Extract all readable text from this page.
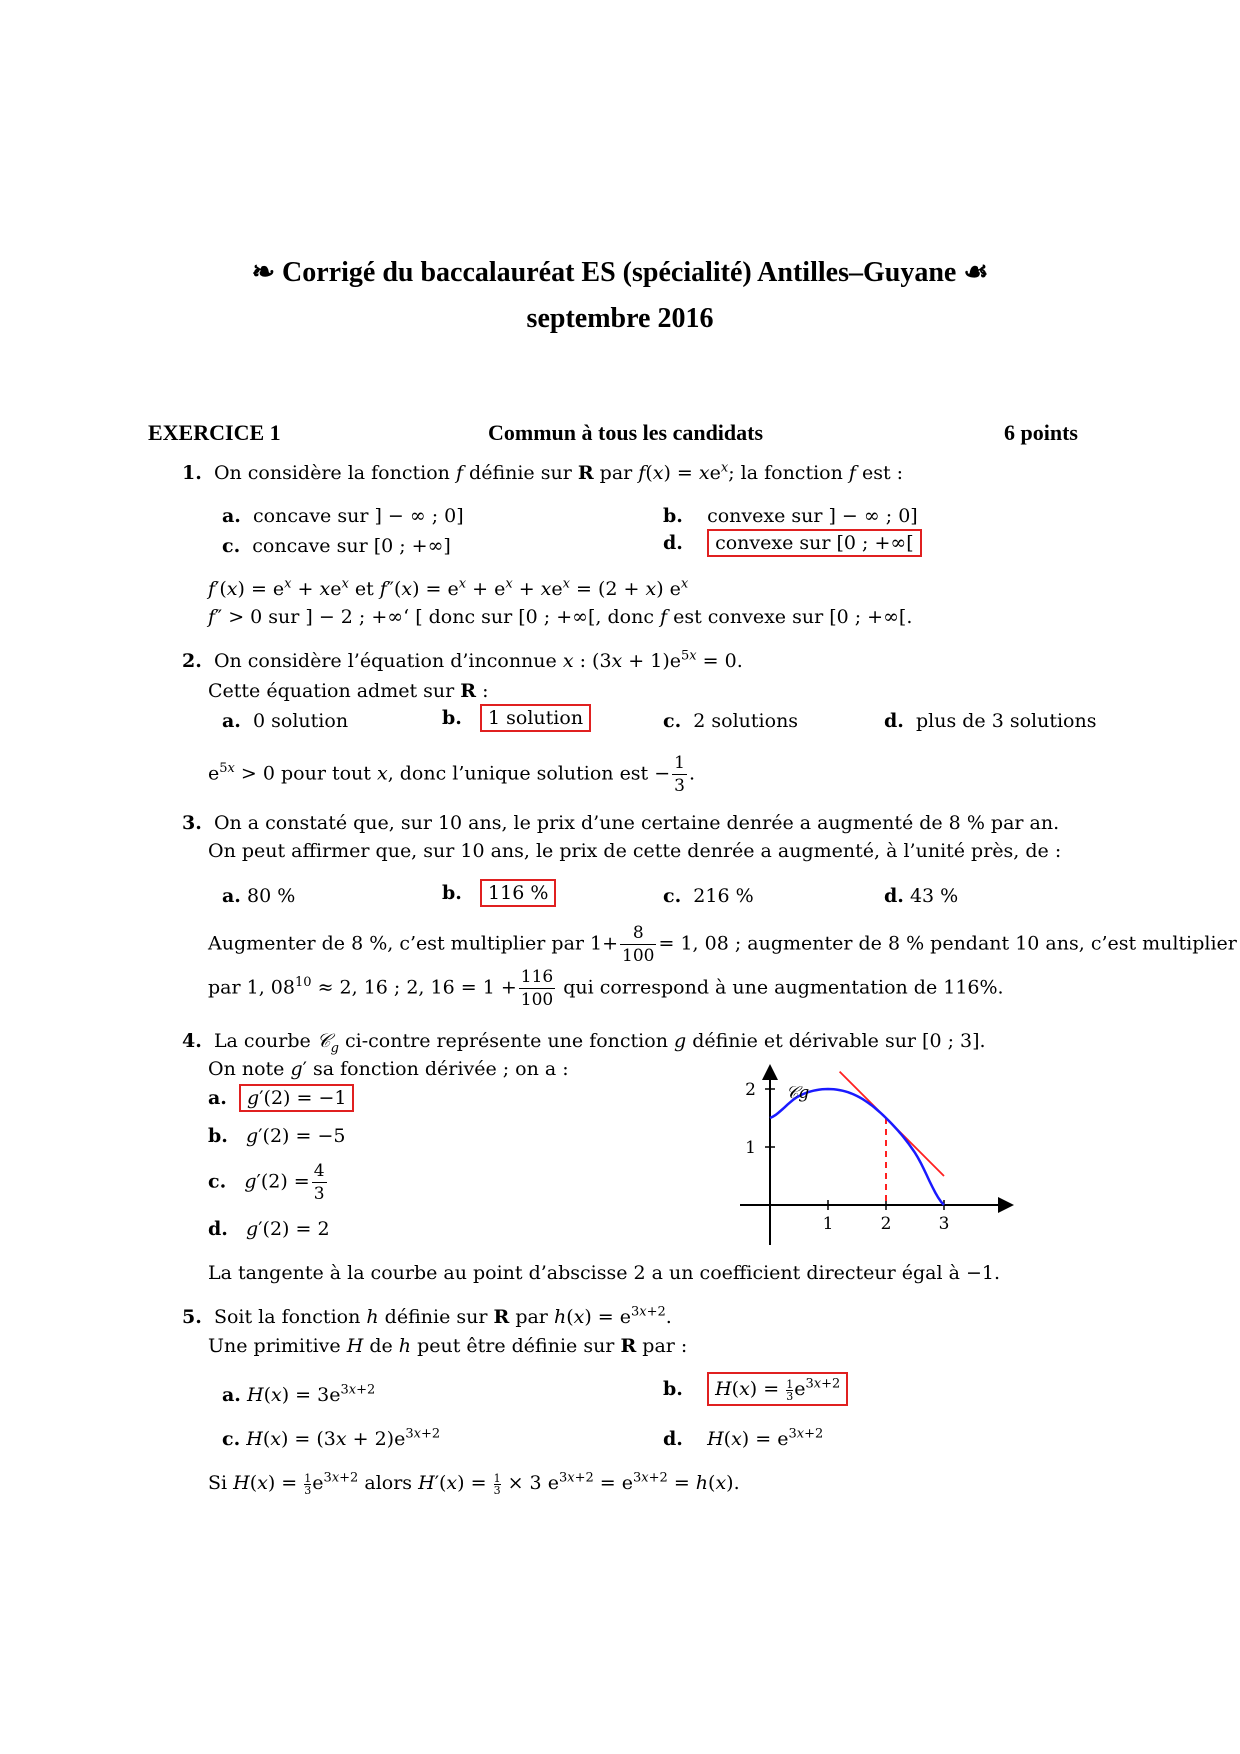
❧ Corrigé du baccalauréat ES (spécialité) Antilles–Guyane ☙
septembre 2016
EXERCICE 1	Commun à tous les candidats	6 points
1. On considère la fonction f définie sur R par $f(x) = xe^x$; la fonction f est :
a. concave sur ] − ∞ ; 0]	b. convexe sur ] − ∞ ; 0]
c. concave sur [0 ; +∞]	d. convexe sur [0 ; +∞[
$f'(x) = e^x + xe^x$ et $f''(x) = e^x + e^x + xe^x = (2 + x)$ $e^x$
f″ > 0 sur ] − 2 ; +∞‘ [ donc sur [0 ; +∞[, donc f est convexe sur [0 ; +∞[.
2. On considère l’équation d’inconnue x : $(3x + 1)e^{5x} = 0$.
Cette équation admet sur R :
a. 0 solution	b. 1 solution	c. 2 solutions	d. plus de 3 solutions
$e^{5x} > 0$ pour tout x, donc l’unique solution est − $\frac{1}{3}$ .
3. On a constaté que, sur 10 ans, le prix d’une certaine denrée a augmenté de 8 % par an.
On peut affirmer que, sur 10 ans, le prix de cette denrée a augmenté, à l’unité près, de :
a. 80 %	b. 116 %	c. 216 %	d. 43 %
Augmenter de 8 %, c’est multiplier par $1+ \frac{8}{100} = 1$, 08 ; augmenter de 8 % pendant 10 ans, c’est multiplier
par 1, $08^{10} \approx 2$, 16 ; 2, $16 = 1 + \frac{116}{100}$ qui correspond à une augmentation de 116%.
4. La courbe 𝒞$_g$ ci-contre représente une fonction g définie et dérivable sur [0 ; 3].
On note g′ sa fonction dérivée ; on a :
a. g′(2) = −1
b. g′(2) = −5
c. $g'(2) = \frac{4}{3}$
d. g′(2) = 2	1	2	3
1
2 𝒞g
La tangente à la courbe au point d’abscisse 2 a un coefficient directeur égal à −1.
5. Soit la fonction h définie sur R par $h(x) = e^{3x+2}$.
Une primitive H de h peut être définie sur R par :
a. $H(x) = 3e^{3x+2}$	b. $H(x) = \frac{1}{3} e^{3x+2}$
c. $H(x) = (3x + 2)e^{3x+2}$	d. $H(x) = e^{3x+2}$
Si $H(x) = \frac{1}{3} e^{3x+2}$ alors $H'(x) = \frac{1}{3} \times 3$ $e^{3x+2} = e^{3x+2} = h(x)$.
